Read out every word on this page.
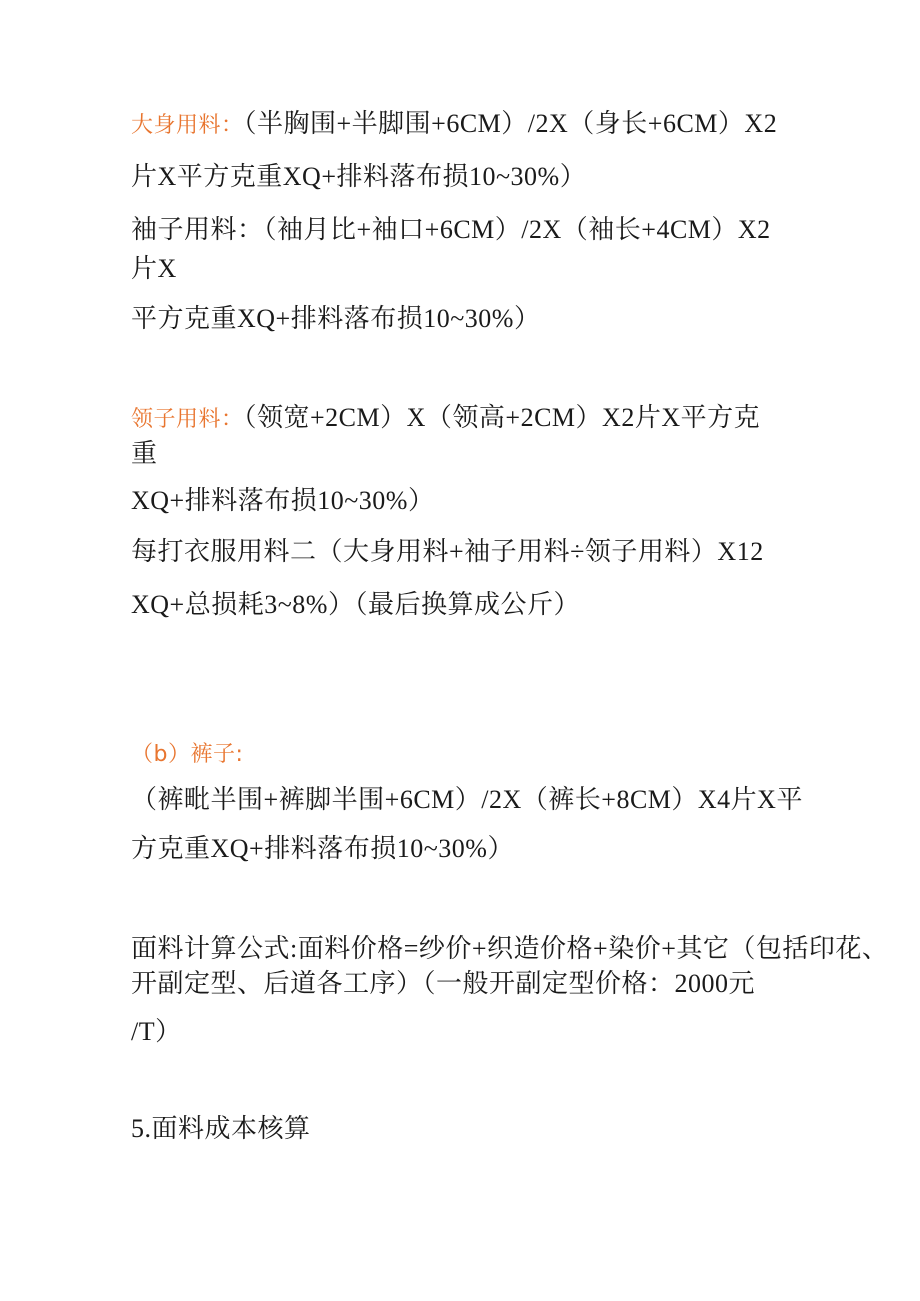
大身用料：（半胸围+半脚围+6CM）/2X（身长+6CM）X2
片X平方克重XQ+排料落布损10~30%）
袖子用料：（袖月比+袖口+6CM）/2X（袖长+4CM）X2
片X
平方克重XQ+排料落布损10~30%）
领子用料：（领宽+2CM）X（领高+2CM）X2片X平方克
重
XQ+排料落布损10~30%）
每打衣服用料二（大身用料+袖子用料÷领子用料）X12
XQ+总损耗3~8%）（最后换算成公斤）
（b）裤子:
（裤毗半围+裤脚半围+6CM）/2X（裤长+8CM）X4片X平
方克重XQ+排料落布损10~30%）
面料计算公式:面料价格=纱价+织造价格+染价+其它（包括印花、
开副定型、后道各工序）（一般开副定型价格：2000元
/T）
5.面料成本核算
